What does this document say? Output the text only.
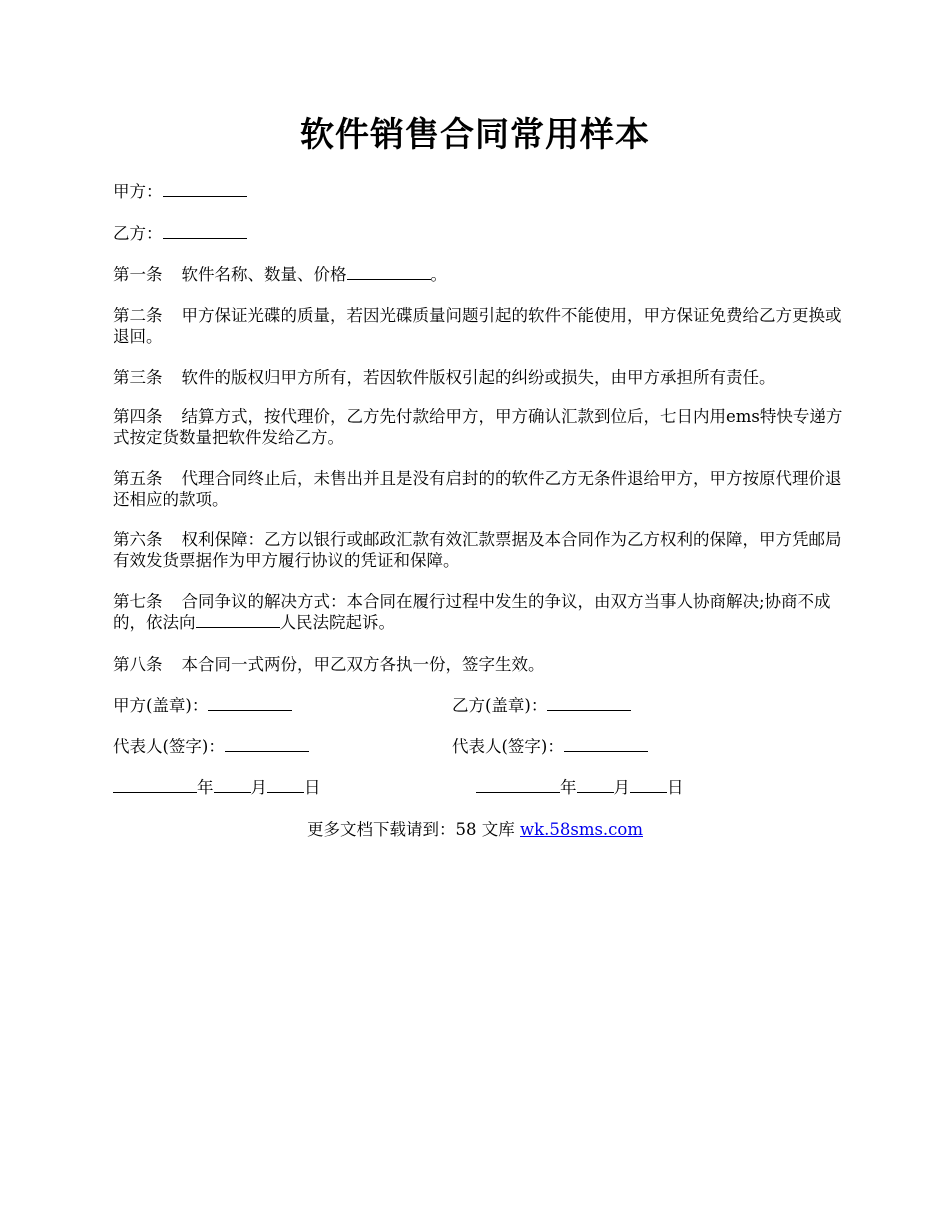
软件销售合同常用样本

甲方：

乙方：

第一条 软件名称、数量、价格	。

第二条 甲方保证光碟的质量，若因光碟质量问题引起的软件不能使用，甲方保证免费给乙方更换或退回。

第三条 软件的版权归甲方所有，若因软件版权引起的纠纷或损失，由甲方承担所有责任。

第四条 结算方式，按代理价，乙方先付款给甲方，甲方确认汇款到位后，七日内用ems特快专递方式按定货数量把软件发给乙方。

第五条 代理合同终止后，未售出并且是没有启封的的软件乙方无条件退给甲方，甲方按原代理价退还相应的款项。

第六条 权利保障：乙方以银行或邮政汇款有效汇款票据及本合同作为乙方权利的保障，甲方凭邮局有效发货票据作为甲方履行协议的凭证和保障。

第七条 合同争议的解决方式：本合同在履行过程中发生的争议，由双方当事人协商解决;协商不成的，依法向	人民法院起诉。

第八条 本合同一式两份，甲乙双方各执一份，签字生效。

甲方(盖章)：	乙方(盖章)：
代表人(签字)：	代表人(签字)：
年 月 日	年 月 日
更多文档下载请到：58 文库 wk.58sms.com
